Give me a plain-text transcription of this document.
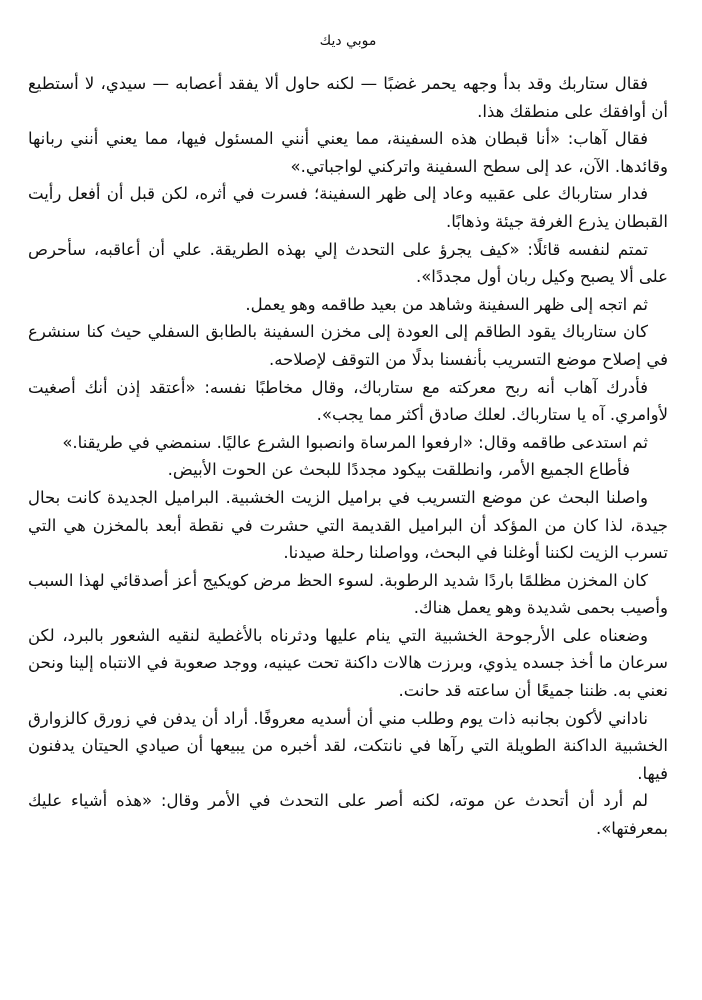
موبي ديك

فقال ستاربك وقد بدأ وجهه يحمر غضبًا — لكنه حاول ألا يفقد أعصابه — سيدي، لا أستطيع أن أوافقك على منطقك هذا.

فقال آهاب: «أنا قبطان هذه السفينة، مما يعني أنني المسئول فيها، مما يعني أنني ربانها وقائدها. الآن، عد إلى سطح السفينة واتركني لواجباتي.»

فدار ستارباك على عقبيه وعاد إلى ظهر السفينة؛ فسرت في أثره، لكن قبل أن أفعل رأيت القبطان يذرع الغرفة جيئة وذهابًا.

تمتم لنفسه قائلًا: «كيف يجرؤ على التحدث إلي بهذه الطريقة. علي أن أعاقبه، سأحرص على ألا يصبح وكيل ربان أول مجددًا».

ثم اتجه إلى ظهر السفينة وشاهد من بعيد طاقمه وهو يعمل.

كان ستارباك يقود الطاقم إلى العودة إلى مخزن السفينة بالطابق السفلي حيث كنا سنشرع في إصلاح موضع التسريب بأنفسنا بدلًا من التوقف لإصلاحه.

فأدرك آهاب أنه ربح معركته مع ستارباك، وقال مخاطبًا نفسه: «أعتقد إذن أنك أصغيت لأوامري. آه يا ستارباك. لعلك صادق أكثر مما يجب».

ثم استدعى طاقمه وقال: «ارفعوا المرساة وانصبوا الشرع عاليًا. سنمضي في طريقنا.»

فأطاع الجميع الأمر، وانطلقت بيكود مجددًا للبحث عن الحوت الأبيض.

واصلنا البحث عن موضع التسريب في براميل الزيت الخشبية. البراميل الجديدة كانت بحال جيدة، لذا كان من المؤكد أن البراميل القديمة التي حشرت في نقطة أبعد بالمخزن هي التي تسرب الزيت لكننا أوغلنا في البحث، وواصلنا رحلة صيدنا.

كان المخزن مظلمًا باردًا شديد الرطوبة. لسوء الحظ مرض كويكيج أعز أصدقائي لهذا السبب وأصيب بحمى شديدة وهو يعمل هناك.

وضعناه على الأرجوحة الخشبية التي ينام عليها ودثرناه بالأغطية لنقيه الشعور بالبرد، لكن سرعان ما أخذ جسده يذوي، وبرزت هالات داكنة تحت عينيه، ووجد صعوبة في الانتباه إلينا ونحن نعني به. ظننا جميعًا أن ساعته قد حانت.

ناداني لأكون بجانبه ذات يوم وطلب مني أن أسديه معروفًا. أراد أن يدفن في زورق كالزوارق الخشبية الداكنة الطويلة التي رآها في نانتكت، لقد أخبره من يبيعها أن صيادي الحيتان يدفنون فيها.

لم أرد أن أتحدث عن موته، لكنه أصر على التحدث في الأمر وقال: «هذه أشياء عليك بمعرفتها».
